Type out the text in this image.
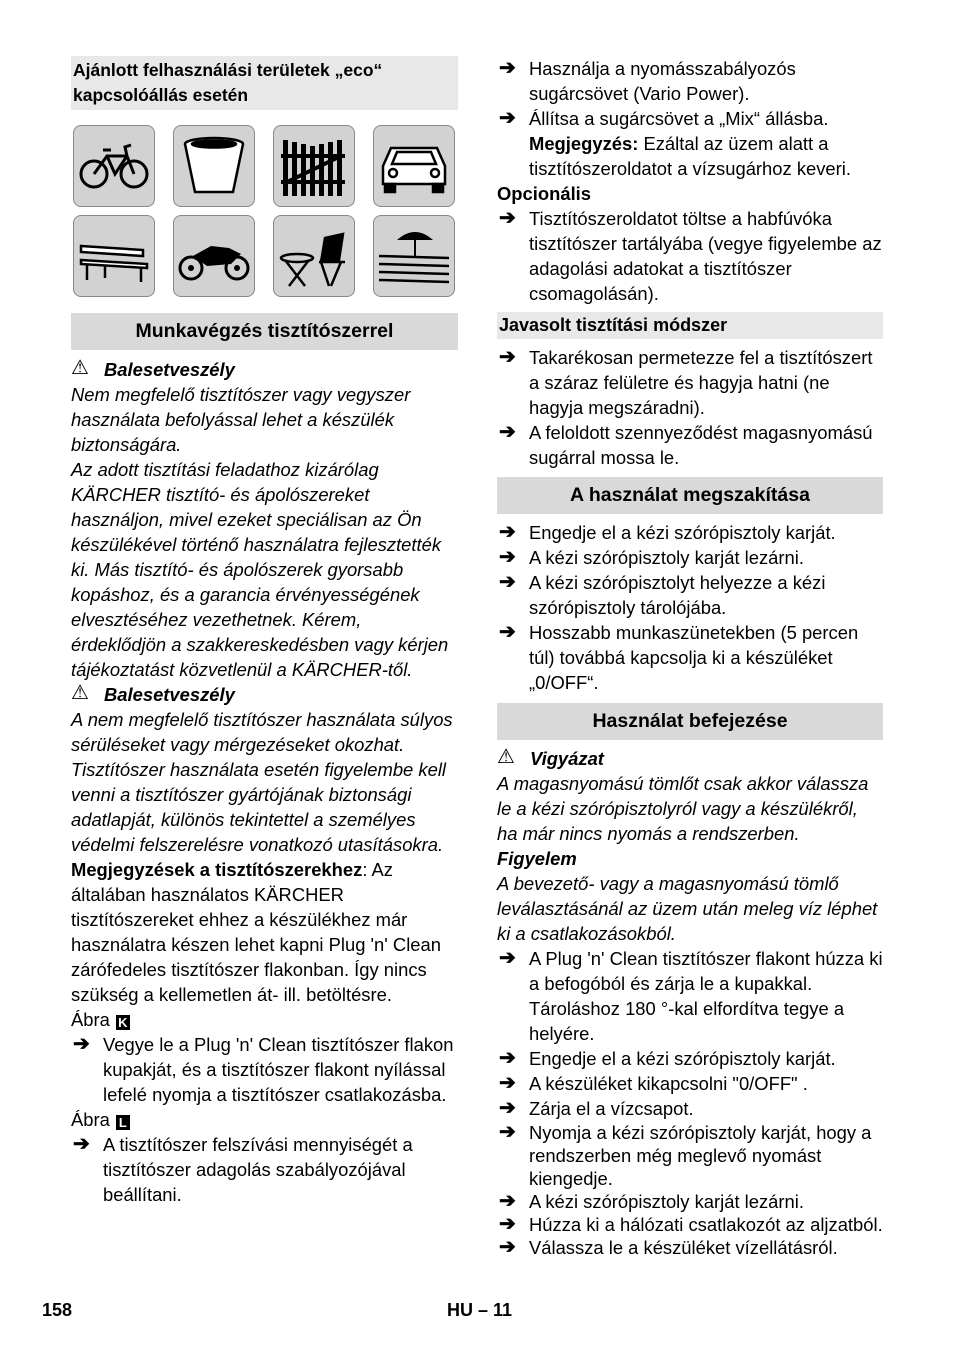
Ajánlott felhasználási területek „eco“ kapcsolóállás esetén
Munkavégzés tisztítószerrel

⚠ Balesetveszély

Nem megfelelő tisztítószer vagy vegyszer használata befolyással lehet a készülék biztonságára.

Az adott tisztítási feladathoz kizárólag KÄRCHER tisztító- és ápolószereket használjon, mivel ezeket speciálisan az Ön készülékével történő használatra fejlesztették ki. Más tisztító- és ápolószerek gyorsabb kopáshoz, és a garancia érvényességének elvesztéséhez vezethetnek. Kérem, érdeklődjön a szakkereskedésben vagy kérjen tájékoztatást közvetlenül a KÄRCHER-től.

⚠ Balesetveszély

A nem megfelelő tisztítószer használata súlyos sérüléseket vagy mérgezéseket okozhat.

Tisztítószer használata esetén figyelembe kell venni a tisztítószer gyártójának biztonsági adatlapját, különös tekintettel a személyes védelmi felszerelésre vonatkozó utasításokra.

Megjegyzések a tisztítószerekhez: Az általában használatos KÄRCHER tisztítószereket ehhez a készülékhez már használatra készen lehet kapni Plug 'n' Clean zárófedeles tisztítószer flakonban. Így nincs szükség a kellemetlen át- ill. betöltésre.

Ábra K

➔ Vegye le a Plug 'n' Clean tisztítószer flakon kupakját, és a tisztítószer flakont nyílással lefelé nyomja a tisztítószer csatlakozásba.

Ábra L

➔ A tisztítószer felszívási mennyiségét a tisztítószer adagolás szabályozójával beállítani.

➔ Használja a nyomásszabályozós sugárcsövet (Vario Power).

➔ Állítsa a sugárcsövet a „Mix“ állásba.
Megjegyzés: Ezáltal az üzem alatt a tisztítószeroldatot a vízsugárhoz keveri.

Opcionális

➔ Tisztítószeroldatot töltse a habfúvóka tisztítószer tartályába (vegye figyelembe az adagolási adatokat a tisztítószer csomagolásán).

Javasolt tisztítási módszer

➔ Takarékosan permetezze fel a tisztítószert a száraz felületre és hagyja hatni (ne hagyja megszáradni).

➔ A feloldott szennyeződést magasnyomású sugárral mossa le.

A használat megszakítása

➔ Engedje el a kézi szórópisztoly karját.

➔ A kézi szórópisztoly karját lezárni.

➔ A kézi szórópisztolyt helyezze a kézi szórópisztoly tárolójába.

➔ Hosszabb munkaszünetekben (5 percen túl) továbbá kapcsolja ki a készüléket „0/OFF“.

Használat befejezése

⚠ Vigyázat

A magasnyomású tömlőt csak akkor válassza le a kézi szórópisztolyról vagy a készülékről, ha már nincs nyomás a rendszerben.

Figyelem

A bevezető- vagy a magasnyomású tömlő leválasztásánál az üzem után meleg víz léphet ki a csatlakozásokból.

➔ A Plug 'n' Clean tisztítószer flakont húzza ki a befogóból és zárja le a kupakkal. Tároláshoz 180 °-kal elfordítva tegye a helyére.

➔ Engedje el a kézi szórópisztoly karját.

➔ A készüléket kikapcsolni "0/OFF" .

➔ Zárja el a vízcsapot.

➔ Nyomja a kézi szórópisztoly karját, hogy a rendszerben még meglevő nyomást kiengedje.

➔ A kézi szórópisztoly karját lezárni.

➔ Húzza ki a hálózati csatlakozót az aljzatból.

➔ Válassza le a készüléket vízellátásról.

158	HU – 11
